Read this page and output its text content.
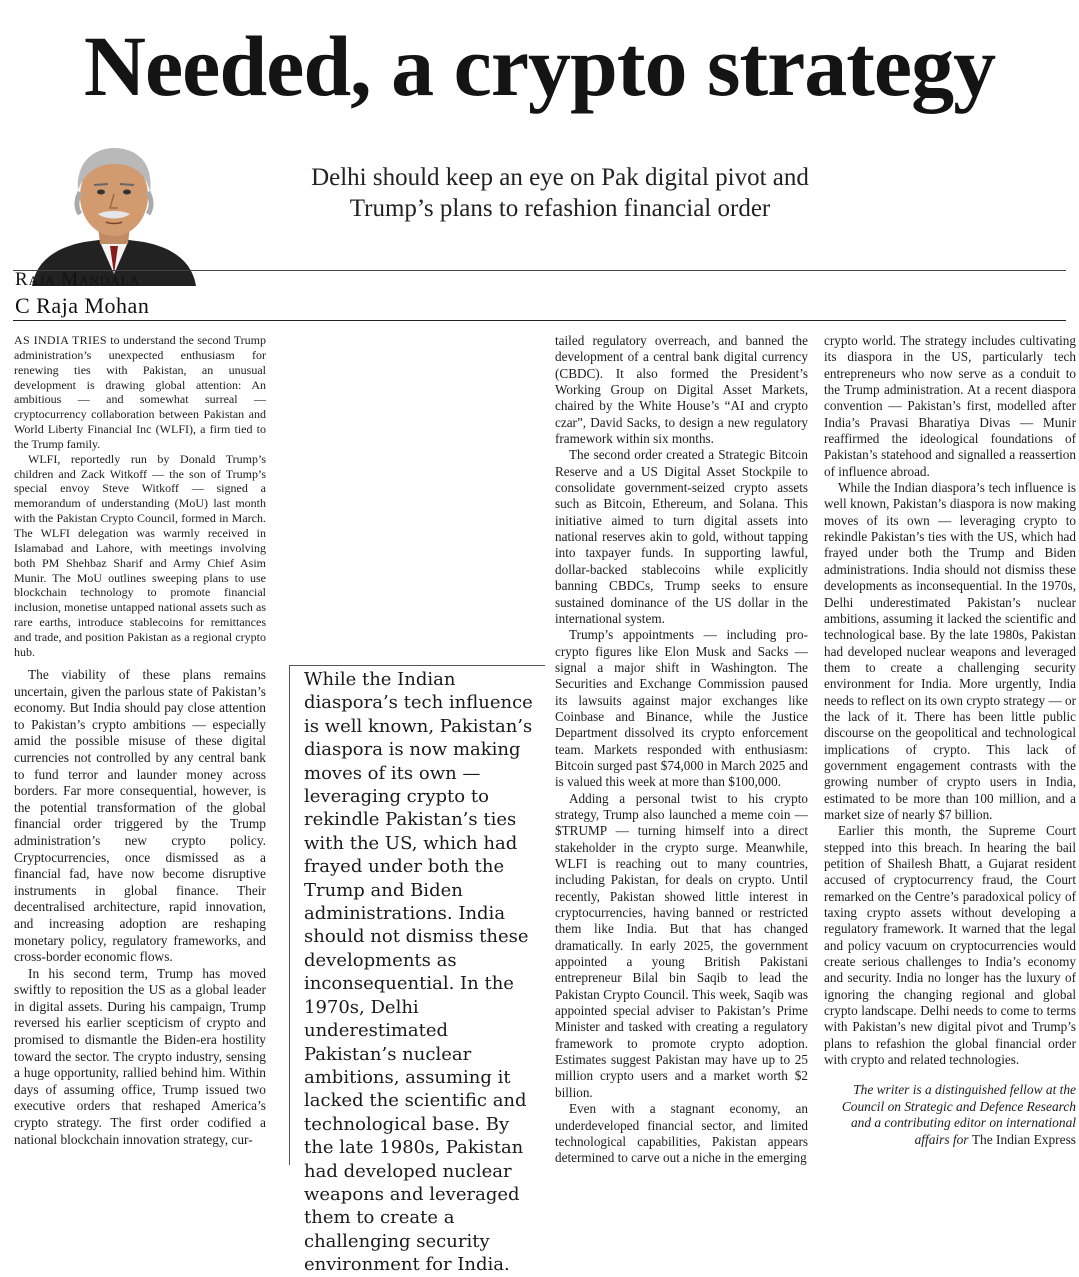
Needed, a crypto strategy

Delhi should keep an eye on Pak digital pivot and Trump’s plans to refashion financial order

Raja Mandala

C Raja Mohan

AS INDIA TRIES to understand the second Trump administration’s unexpected enthusiasm for renewing ties with Pakistan, an unusual development is drawing global attention: An ambitious — and somewhat surreal — cryptocurrency collaboration between Pakistan and World Liberty Financial Inc (WLFI), a firm tied to the Trump family.

WLFI, reportedly run by Donald Trump’s children and Zack Witkoff — the son of Trump’s special envoy Steve Witkoff — signed a memorandum of understanding (MoU) last month with the Pakistan Crypto Council, formed in March. The WLFI delegation was warmly received in Islamabad and Lahore, with meetings involving both PM Shehbaz Sharif and Army Chief Asim Munir. The MoU outlines sweeping plans to use blockchain technology to promote financial inclusion, monetise untapped national assets such as rare earths, introduce stablecoins for remittances and trade, and position Pakistan as a regional crypto hub.

The viability of these plans remains uncertain, given the parlous state of Pakistan’s economy. But India should pay close attention to Pakistan’s crypto ambitions — especially amid the possible misuse of these digital currencies not controlled by any central bank to fund terror and launder money across borders. Far more consequential, however, is the potential transformation of the global financial order triggered by the Trump administration’s new crypto policy. Cryptocurrencies, once dismissed as a financial fad, have now become disruptive instruments in global finance. Their decentralised architecture, rapid innovation, and increasing adoption are reshaping monetary policy, regulatory frameworks, and cross-border economic flows.

In his second term, Trump has moved swiftly to reposition the US as a global leader in digital assets. During his campaign, Trump reversed his earlier scepticism of crypto and promised to dismantle the Biden-era hostility toward the sector. The crypto industry, sensing a huge opportunity, rallied behind him. Within days of assuming office, Trump issued two executive orders that reshaped America’s crypto strategy. The first order codified a national blockchain innovation strategy, cur-

While the Indian diaspora’s tech influence is well known, Pakistan’s diaspora is now making moves of its own — leveraging crypto to rekindle Pakistan’s ties with the US, which had frayed under both the Trump and Biden administrations. India should not dismiss these developments as inconsequential. In the 1970s, Delhi underestimated Pakistan’s nuclear ambitions, assuming it lacked the scientific and technological base. By the late 1980s, Pakistan had developed nuclear weapons and leveraged them to create a challenging security environment for India.

tailed regulatory overreach, and banned the development of a central bank digital currency (CBDC). It also formed the President’s Working Group on Digital Asset Markets, chaired by the White House’s “AI and crypto czar”, David Sacks, to design a new regulatory framework within six months.

The second order created a Strategic Bitcoin Reserve and a US Digital Asset Stockpile to consolidate government-seized crypto assets such as Bitcoin, Ethereum, and Solana. This initiative aimed to turn digital assets into national reserves akin to gold, without tapping into taxpayer funds. In supporting lawful, dollar-backed stablecoins while explicitly banning CBDCs, Trump seeks to ensure sustained dominance of the US dollar in the international system.

Trump’s appointments — including pro-crypto figures like Elon Musk and Sacks — signal a major shift in Washington. The Securities and Exchange Commission paused its lawsuits against major exchanges like Coinbase and Binance, while the Justice Department dissolved its crypto enforcement team. Markets responded with enthusiasm: Bitcoin surged past $74,000 in March 2025 and is valued this week at more than $100,000.

Adding a personal twist to his crypto strategy, Trump also launched a meme coin — $TRUMP — turning himself into a direct stakeholder in the crypto surge. Meanwhile, WLFI is reaching out to many countries, including Pakistan, for deals on crypto. Until recently, Pakistan showed little interest in cryptocurrencies, having banned or restricted them like India. But that has changed dramatically. In early 2025, the government appointed a young British Pakistani entrepreneur Bilal bin Saqib to lead the Pakistan Crypto Council. This week, Saqib was appointed special adviser to Pakistan’s Prime Minister and tasked with creating a regulatory framework to promote crypto adoption. Estimates suggest Pakistan may have up to 25 million crypto users and a market worth $2 billion.

Even with a stagnant economy, an underdeveloped financial sector, and limited technological capabilities, Pakistan appears determined to carve out a niche in the emerging

crypto world. The strategy includes cultivating its diaspora in the US, particularly tech entrepreneurs who now serve as a conduit to the Trump administration. At a recent diaspora convention — Pakistan’s first, modelled after India’s Pravasi Bharatiya Divas — Munir reaffirmed the ideological foundations of Pakistan’s statehood and signalled a reassertion of influence abroad.

While the Indian diaspora’s tech influence is well known, Pakistan’s diaspora is now making moves of its own — leveraging crypto to rekindle Pakistan’s ties with the US, which had frayed under both the Trump and Biden administrations. India should not dismiss these developments as inconsequential. In the 1970s, Delhi underestimated Pakistan’s nuclear ambitions, assuming it lacked the scientific and technological base. By the late 1980s, Pakistan had developed nuclear weapons and leveraged them to create a challenging security environment for India. More urgently, India needs to reflect on its own crypto strategy — or the lack of it. There has been little public discourse on the geopolitical and technological implications of crypto. This lack of government engagement contrasts with the growing number of crypto users in India, estimated to be more than 100 million, and a market size of nearly $7 billion.

Earlier this month, the Supreme Court stepped into this breach. In hearing the bail petition of Shailesh Bhatt, a Gujarat resident accused of cryptocurrency fraud, the Court remarked on the Centre’s paradoxical policy of taxing crypto assets without developing a regulatory framework. It warned that the legal and policy vacuum on cryptocurrencies would create serious challenges to India’s economy and security. India no longer has the luxury of ignoring the changing regional and global crypto landscape. Delhi needs to come to terms with Pakistan’s new digital pivot and Trump’s plans to refashion the global financial order with crypto and related technologies.

The writer is a distinguished fellow at the Council on Strategic and Defence Research and a contributing editor on international affairs for The Indian Express
